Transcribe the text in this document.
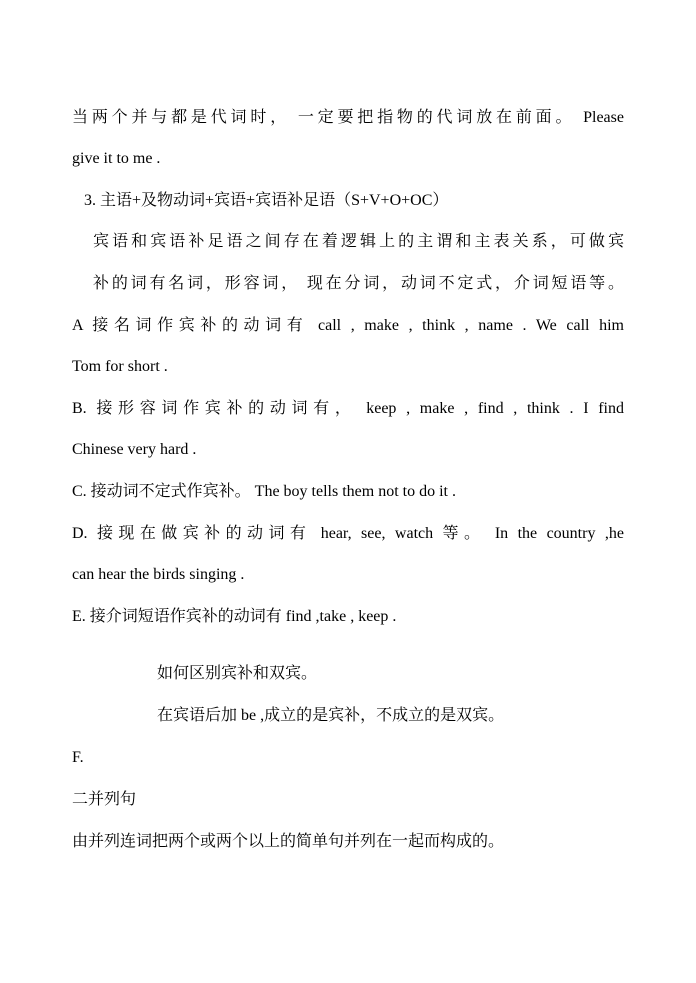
当两个并与都是代词时， 一定要把指物的代词放在前面。 Please
give it to me .
3. 主语+及物动词+宾语+宾语补足语（S+V+O+OC）
宾语和宾语补足语之间存在着逻辑上的主谓和主表关系，可做宾
补的词有名词，形容词， 现在分词，动词不定式，介词短语等。
A 接名词作宾补的动词有 call , make , think , name . We call him
Tom for short .
B. 接形容词作宾补的动词有， keep , make , find , think . I find
Chinese very hard .
C. 接动词不定式作宾补。 The boy tells them not to do it .
D. 接现在做宾补的动词有 hear, see, watch 等。 In the country ,he
can hear the birds singing .
E. 接介词短语作宾补的动词有 find ,take , keep .
如何区别宾补和双宾。
在宾语后加 be ,成立的是宾补，不成立的是双宾。
F.
二并列句
由并列连词把两个或两个以上的简单句并列在一起而构成的。
